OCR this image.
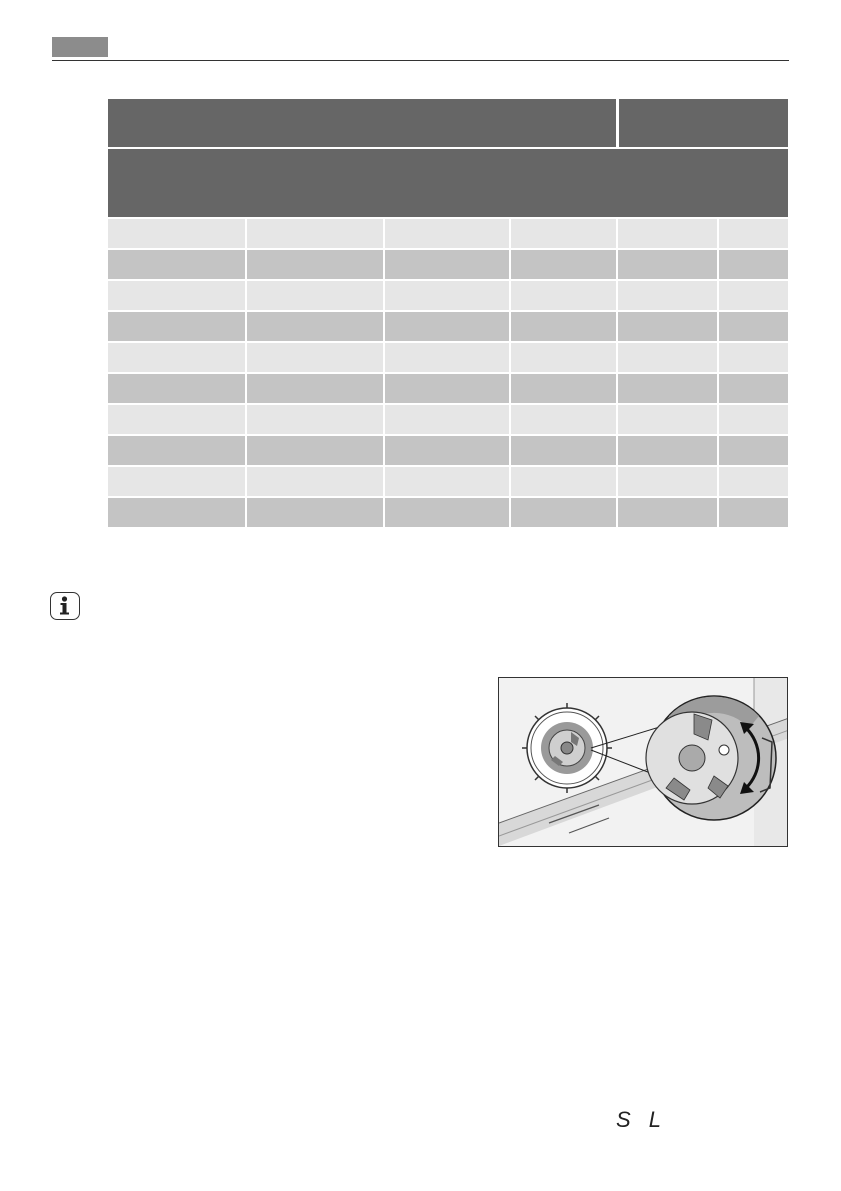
S L
